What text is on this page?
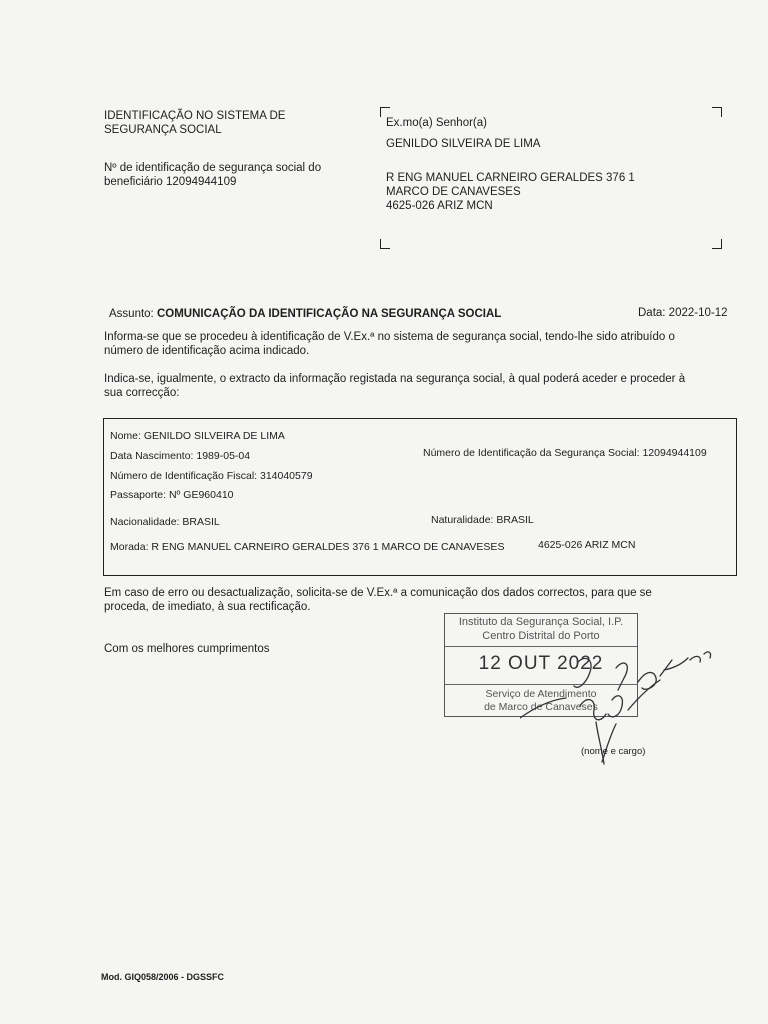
IDENTIFICAÇÃO NO SISTEMA DE
SEGURANÇA SOCIAL
Nº de identificação de segurança social do
beneficiário 12094944109
Ex.mo(a) Senhor(a)
GENILDO SILVEIRA DE LIMA
R ENG MANUEL CARNEIRO GERALDES 376 1
MARCO DE CANAVESES
4625-026 ARIZ MCN
Assunto: COMUNICAÇÃO DA IDENTIFICAÇÃO NA SEGURANÇA SOCIAL	Data: 2022-10-12
Informa-se que se procedeu à identificação de V.Ex.ª no sistema de segurança social, tendo-lhe sido atribuído o
número de identificação acima indicado.
Indica-se, igualmente, o extracto da informação registada na segurança social, à qual poderá aceder e proceder à
sua correcção:
Nome: GENILDO SILVEIRA DE LIMA
Data Nascimento: 1989-05-04	Número de Identificação da Segurança Social: 12094944109
Número de Identificação Fiscal: 314040579
Passaporte: Nº GE960410
Nacionalidade: BRASIL	Naturalidade: BRASIL
Morada: R ENG MANUEL CARNEIRO GERALDES 376 1 MARCO DE CANAVESES	4625-026 ARIZ MCN
Em caso de erro ou desactualização, solicita-se de V.Ex.ª a comunicação dos dados correctos, para que se
proceda, de imediato, à sua rectificação.
Com os melhores cumprimentos
Instituto da Segurança Social, I.P.
Centro Distrital do Porto
12 OUT 2022
Serviço de Atendimento
de Marco de Canaveses
(nome e cargo)
Mod. GIQ058/2006 - DGSSFC
